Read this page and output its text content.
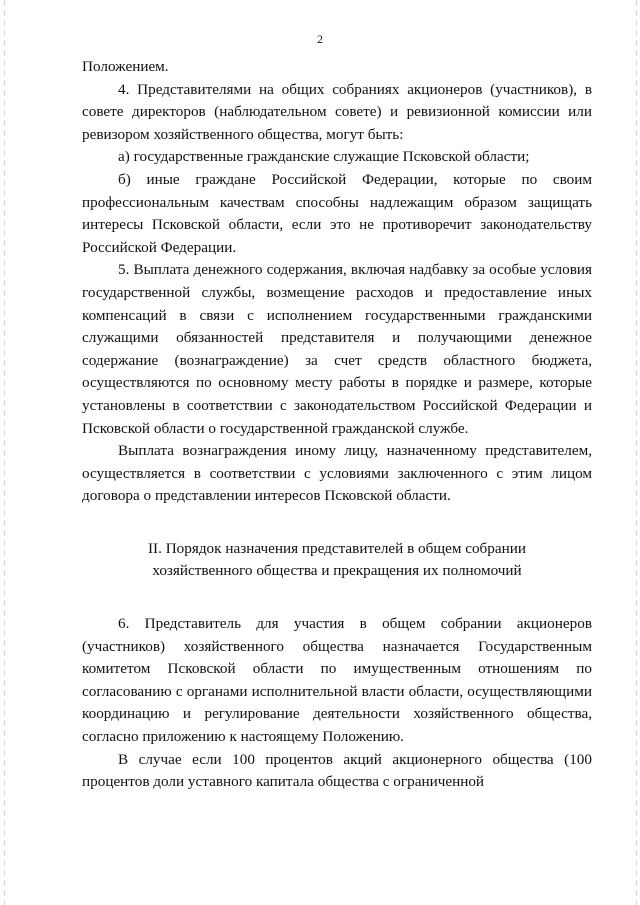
2

Положением.

4. Представителями на общих собраниях акционеров (участников), в совете директоров (наблюдательном совете) и ревизионной комиссии или ревизором хозяйственного общества, могут быть:

а) государственные гражданские служащие Псковской области;

б) иные граждане Российской Федерации, которые по своим профессиональным качествам способны надлежащим образом защищать интересы Псковской области, если это не противоречит законодательству Российской Федерации.

5. Выплата денежного содержания, включая надбавку за особые условия государственной службы, возмещение расходов и предоставление иных компенсаций в связи с исполнением государственными гражданскими служащими обязанностей представителя и получающими денежное содержание (вознаграждение) за счет средств областного бюджета, осуществляются по основному месту работы в порядке и размере, которые установлены в соответствии с законодательством Российской Федерации и Псковской области о государственной гражданской службе.

Выплата вознаграждения иному лицу, назначенному представителем, осуществляется в соответствии с условиями заключенного с этим лицом договора о представлении интересов Псковской области.

II. Порядок назначения представителей в общем собрании хозяйственного общества и прекращения их полномочий

6. Представитель для участия в общем собрании акционеров (участников) хозяйственного общества назначается Государственным комитетом Псковской области по имущественным отношениям по согласованию с органами исполнительной власти области, осуществляющими координацию и регулирование деятельности хозяйственного общества, согласно приложению к настоящему Положению.

В случае если 100 процентов акций акционерного общества (100 процентов доли уставного капитала общества с ограниченной
